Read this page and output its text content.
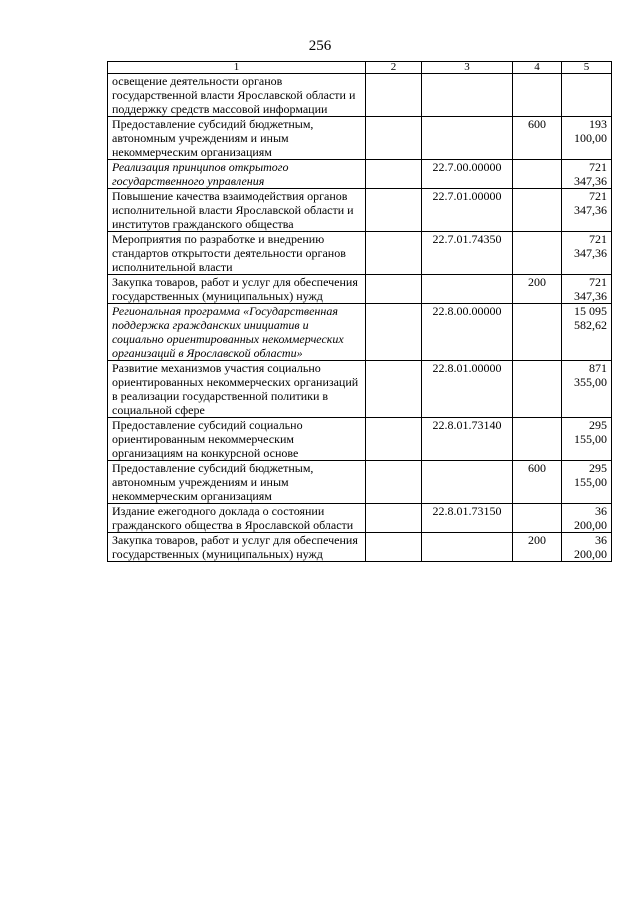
256
1	2	3	4	5
освещение деятельности органов государственной власти Ярославской области и поддержку средств массовой информации				
Предоставление субсидий бюджетным, автономным учреждениям и иным некоммерческим организациям			600	193 100,00
Реализация принципов открытого государственного управления		22.7.00.00000		721 347,36
Повышение качества взаимодействия органов исполнительной власти Ярославской области и институтов гражданского общества		22.7.01.00000		721 347,36
Мероприятия по разработке и внедрению стандартов открытости деятельности органов исполнительной власти		22.7.01.74350		721 347,36
Закупка товаров, работ и услуг для обеспечения государственных (муниципальных) нужд			200	721 347,36
Региональная программа «Государственная поддержка гражданских инициатив и социально ориентированных некоммерческих организаций в Ярославской области»		22.8.00.00000		15 095 582,62
Развитие механизмов участия социально ориентированных некоммерческих организаций в реализации государственной политики в социальной сфере		22.8.01.00000		871 355,00
Предоставление субсидий социально ориентированным некоммерческим организациям на конкурсной основе		22.8.01.73140		295 155,00
Предоставление субсидий бюджетным, автономным учреждениям и иным некоммерческим организациям			600	295 155,00
Издание ежегодного доклада о состоянии гражданского общества в Ярославской области		22.8.01.73150		36 200,00
Закупка товаров, работ и услуг для обеспечения государственных (муниципальных) нужд			200	36 200,00
